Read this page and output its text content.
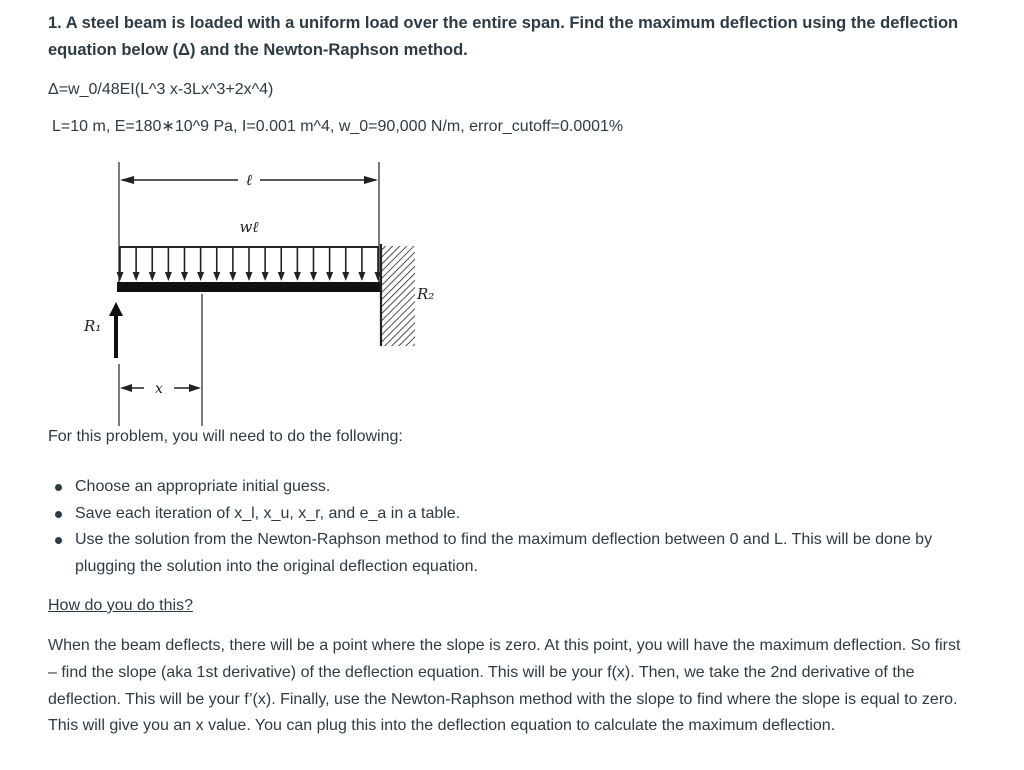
1. A steel beam is loaded with a uniform load over the entire span. Find the maximum deflection using the deflection equation below (Δ) and the Newton-Raphson method.

Δ=w_0/48EI(L^3 x-3Lx^3+2x^4)
L=10 m, E=180∗10^9 Pa, I=0.001 m^4, w_0=90,000 N/m, error_cutoff=0.0001%
ℓ
wℓ
R₂
R₁
x
For this problem, you will need to do the following:
Choose an appropriate initial guess.
Save each iteration of x_l, x_u, x_r, and e_a in a table.
Use the solution from the Newton-Raphson method to find the maximum deflection between 0 and L. This will be done by plugging the solution into the original deflection equation.
How do you do this?
When the beam deflects, there will be a point where the slope is zero. At this point, you will have the maximum deflection. So first – find the slope (aka 1st derivative) of the deflection equation. This will be your f(x). Then, we take the 2nd derivative of the deflection. This will be your f’(x). Finally, use the Newton-Raphson method with the slope to find where the slope is equal to zero. This will give you an x value. You can plug this into the deflection equation to calculate the maximum deflection.
